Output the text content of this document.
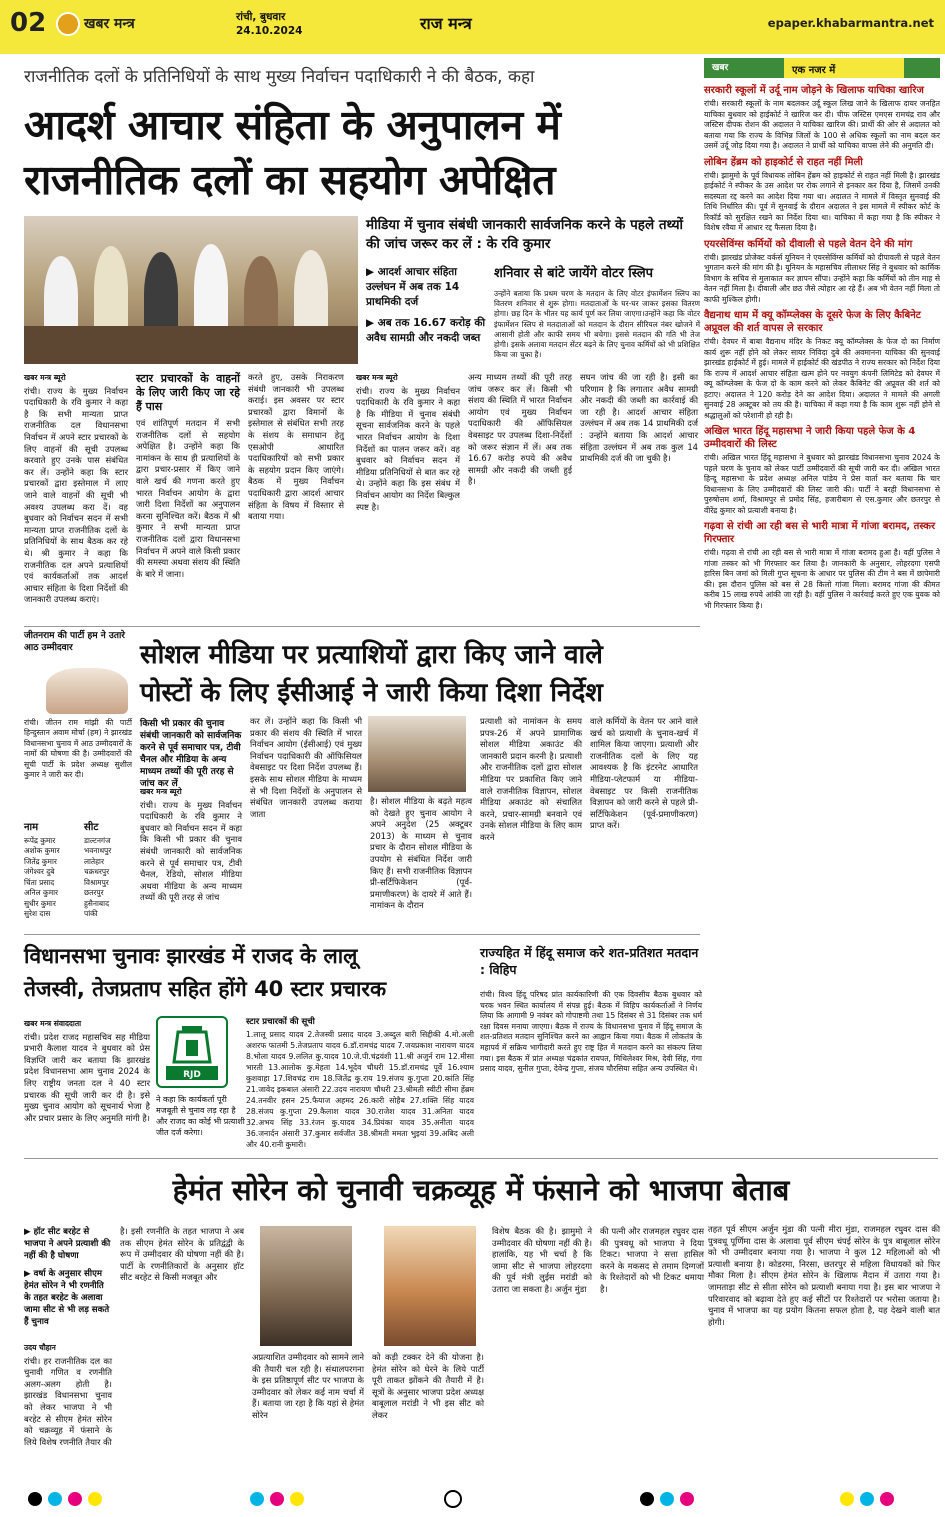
02	खबर मन्त्र	रांची, बुधवार
24.10.2024	राज मन्त्र	epaper.khabarmantra.net
राजनीतिक दलों के प्रतिनिधियों के साथ मुख्य निर्वाचन पदाधिकारी ने की बैठक, कहा
आदर्श आचार संहिता के अनुपालन में
राजनीतिक दलों का सहयोग अपेक्षित
मीडिया में चुनाव संबंधी जानकारी सार्वजनिक करने के पहले तथ्यों की जांच जरूर कर लें : के रवि कुमार
▶ आदर्श आचार संहिता उल्लंघन में अब तक 14 प्राथमिकी दर्ज
▶ अब तक 16.67 करोड़ की अवैध सामग्री और नकदी जब्त
शनिवार से बांटे जायेंगे वोटर स्लिप
उन्होंने बताया कि प्रथम चरण के मतदान के लिए वोटर इंफार्मेशन स्लिप का वितरण शनिवार से शुरू होगा। मतदाताओं के घर-घर जाकर इसका वितरण होगा। छह दिन के भीतर यह कार्य पूर्ण कर लिया जाएगा।उन्होंने कहा कि वोटर इंफार्मेशन स्लिप से मतदाताओं को मतदान के दौरान सीरियल नंबर खोजने में आसानी होती और काफी समय भी बचेगा। इससे मतदान की गति भी तेज होगी। इसके अलावा मतदान सेंटर बढ़ने के लिए चुनाव कर्मियों को भी प्रशिक्षित किया जा चुका है।
खबर मन्त्र ब्यूरो
रांची। राज्य के मुख्य निर्वाचन पदाधिकारी के रवि कुमार ने कहा है कि सभी मान्यता प्राप्त राजनीतिक दल विधानसभा निर्वाचन में अपने स्टार प्रचारकों के लिए वाहनों की सूची उपलब्ध करवाते हुए उनके पास संबंधित कर लें। उन्होंने कहा कि स्टार प्रचारकों द्वारा इस्तेमाल में लाए जाने वाले वाहनों की सूची भी अवश्य उपलब्ध करा दें। वह बुधवार को निर्वाचन सदन में सभी मान्यता प्राप्त राजनीतिक दलों के प्रतिनिधियों के साथ बैठक कर रहे थे। श्री कुमार ने कहा कि राजनीतिक दल अपने प्रत्याशियों एवं कार्यकर्ताओं तक आदर्श आचार संहिता के दिशा निर्देशों की जानकारी उपलब्ध कराएं।
स्टार प्रचारकों के वाहनों के लिए जारी किए जा रहे हैं पास
एवं शांतिपूर्ण मतदान में सभी राजनीतिक दलों से सहयोग अपेक्षित है। उन्होंने कहा कि नामांकन के साथ ही प्रत्याशियों के द्वारा प्रचार-प्रसार में किए जाने वाले खर्च की गणना करते हुए भारत निर्वाचन आयोग के द्वारा जारी दिशा निर्देशों का अनुपालन करना सुनिश्चित करें। बैठक में श्री कुमार ने सभी मान्यता प्राप्त राजनीतिक दलों द्वारा विधानसभा निर्वाचन में अपने वाले किसी प्रकार की समस्या अथवा संशय की स्थिति के बारे में जाना।
करते हुए, उसके निराकरण संबंधी जानकारी भी उपलब्ध कराई। इस अवसर पर स्टार प्रचारकों द्वारा विमानों के इस्तेमाल से संबंधित सभी तरह के संशय के समाधान हेतु एसओपी आधारित पदाधिकारियों को सभी प्रकार के सहयोग प्रदान किए जाएंगे। बैठक में मुख्य निर्वाचन पदाधिकारी द्वारा आदर्श आचार संहिता के विषय में विस्तार से बताया गया।
खबर मन्त्र ब्यूरो
रांची। राज्य के मुख्य निर्वाचन पदाधिकारी के रवि कुमार ने कहा है कि मीडिया में चुनाव संबंधी सूचना सार्वजनिक करने के पहले भारत निर्वाचन आयोग के दिशा निर्देशों का पालन जरूर करें। वह बुधवार को निर्वाचन सदन में मीडिया प्रतिनिधियों से बात कर रहे थे। उन्होंने कहा कि इस संबंध में निर्वाचन आयोग का निर्देश बिल्कुल स्पष्ट है।
अन्य माध्यम तथ्यों की पूरी तरह जांच जरूर कर लें। किसी भी संशय की स्थिति में भारत निर्वाचन आयोग एवं मुख्य निर्वाचन पदाधिकारी की ऑफिसियल वेबसाइट पर उपलब्ध दिशा-निर्देशों को जरूर संज्ञान में लें। अब तक 16.67 करोड़ रुपये की अवैध सामग्री और नकदी की जब्ती हुई है।
सघन जांच की जा रही है। इसी का परिणाम है कि लगातार अवैध सामग्री और नकदी की जब्ती का कार्रवाई की जा रही है। आदर्श आचार संहिता उल्लंघन में अब तक 14 प्राथमिकी दर्ज : उन्होंने बताया कि आदर्श आचार संहिता उल्लंघन में अब तक कुल 14 प्राथमिकी दर्ज की जा चुकी है।
जीतनराम की पार्टी हम ने उतारे आठ उम्मीदवार
रांची। जीतन राम मांझी की पार्टी हिन्दुस्तान अवाम मोर्चा (हम) ने झारखंड विधानसभा चुनाव में आठ उम्मीदवारों के नामों की घोषणा की है। उम्मीदवारों की सूची पार्टी के प्रदेश अध्यक्ष सुशील कुमार ने जारी कर दी।
नाम	सीट
रूपेंद्र कुमार	डाल्टनगंज
अशोक कुमार	भवनाथपुर
जितेंद्र कुमार	लातेहार
जंगेश्वर दुबे	चक्रधरपुर
चिंता प्रसाद	विश्रामपुर
अनिल कुमार	छतरपुर
सुधीर कुमार	हुसैनाबाद
सुरेश दास	पांकी
सोशल मीडिया पर प्रत्याशियों द्वारा किए जाने वाले
पोस्टों के लिए ईसीआई ने जारी किया दिशा निर्देश
किसी भी प्रकार की चुनाव संबंधी जानकारी को सार्वजनिक करने से पूर्व समाचार पत्र, टीवी चैनल और मीडिया के अन्य माध्यम तथ्यों की पूरी तरह से जांच कर लें
खबर मन्त्र ब्यूरो
रांची। राज्य के मुख्य निर्वाचन पदाधिकारी के रवि कुमार ने बुधवार को निर्वाचन सदन में कहा कि किसी भी प्रकार की चुनाव संबंधी जानकारी को सार्वजनिक करने से पूर्व समाचार पत्र, टीवी चैनल, रेडियो, सोशल मीडिया अथवा मीडिया के अन्य माध्यम तथ्यों की पूरी तरह से जांच
कर लें। उन्होंने कहा कि किसी भी प्रकार की संशय की स्थिति में भारत निर्वाचन आयोग (ईसीआई) एवं मुख्य निर्वाचन पदाधिकारी की ऑफिसियल वेबसाइट पर दिशा निर्देश उपलब्ध हैं। इसके साथ सोशल मीडिया के माध्यम से भी दिशा निर्देशों के अनुपालन से संबंधित जानकारी उपलब्ध कराया जाता
है। सोशल मीडिया के बढ़ते महत्व को देखते हुए चुनाव आयोग ने अपने अनुदेश (25 अक्टूबर 2013) के माध्यम से चुनाव प्रचार के दौरान सोशल मीडिया के उपयोग से संबंधित निर्देश जारी किए हैं। सभी राजनीतिक विज्ञापन प्री-सर्टिफिकेशन (पूर्व-प्रमाणीकरण) के दायरे में आते हैं। नामांकन के दौरान
प्रत्याशी को नामांकन के समय प्रपत्र-26 में अपने प्रामाणिक सोशल मीडिया अकाउंट की जानकारी प्रदान करनी है। प्रत्याशी और राजनीतिक दलों द्वारा सोशल मीडिया पर प्रकाशित किए जाने वाले राजनीतिक विज्ञापन, सोशल मीडिया अकाउंट को संचालित करने, प्रचार-सामग्री बनवाने एवं उनके सोशल मीडिया के लिए काम करने
वाले कर्मियों के वेतन पर आने वाले खर्च को प्रत्याशी के चुनाव-खर्च में शामिल किया जाएगा। प्रत्याशी और राजनीतिक दलों के लिए यह आवश्यक है कि इंटरनेट आधारित मीडिया-प्लेटफार्म या मीडिया-वेबसाइट पर किसी राजनीतिक विज्ञापन को जारी करने से पहले प्री-सर्टिफिकेशन (पूर्व-प्रमाणीकरण) प्राप्त करें।
विधानसभा चुनावः झारखंड में राजद के लालू
तेजस्वी, तेजप्रताप सहित होंगे 40 स्टार प्रचारक
खबर मन्त्र संवाददाता
रांची। प्रदेश राजद महासचिव सह मीडिया प्रभारी कैलाश यादव ने बुधवार को प्रेस विज्ञप्ति जारी कर बताया कि झारखंड प्रदेश विधानसभा आम चुनाव 2024 के लिए राष्ट्रीय जनता दल ने 40 स्टार प्रचारक की सूची जारी कर दी है। इसे मुख्य चुनाव आयोग को सूचनार्थ भेजा है और प्रचार प्रसार के लिए अनुमति मांगी है।
RJD
ने कहा कि कार्यकर्ता पूरी मजबूती से चुनाव लड़ रहा है और राजद का कोई भी प्रत्याशी जीत दर्ज करेगा।
स्टार प्रचारकों की सूची
1.लालू प्रसाद यादव 2.तेजस्वी प्रसाद यादव 3.अब्दुल बारी सिद्दीकी 4.मो.अली अशरफ फातमी 5.तेजप्रताप यादव 6.डॉ.रामचंद्र यादव 7.जयप्रकाश नारायण यादव 8.भोला यादव 9.ललित कु.यादव 10.जे.पी.चंद्रवंशी 11.श्री अजुर्न राम 12.मीसा भारती 13.आलोक कु.मेहता 14.भूदेव चौधरी 15.डॉ.रामचंद्र पूर्वे 16.श्याम कुशवाहा 17.शिवचंद्र राम 18.जितेंद्र कु.राय 19.संजय कु.गुप्ता 20.कांति सिंह 21.जावेद इकबाल अंसारी 22.उदय नारायण चौधरी 23.श्रीमती स्वीटी सीमा हेंब्रम 24.तनवीर हसन 25.फैयाज अहमद 26.कारी सोहैब 27.शक्ति सिंह यादव 28.संजय कु.गुप्ता 29.कैलाश यादव 30.राजेश यादव 31.अनिता यादव 32.अभय सिंह 33.रंजन कु.यादव 34.प्रियंका यादव 35.अनीता यादव 36.जनार्दन अंसारी 37.कुमार सर्वजीत 38.श्रीमती ममता भुइयां 39.अबिद अली और 40.रानी कुमारी।
राज्यहित में हिंदू समाज करे शत-प्रतिशत मतदान : विहिप
रांची। विश्व हिंदू परिषद प्रांत कार्यकारिणी की एक दिवसीय बैठक बुधवार को चरक भवन स्थित कार्यालय में संपन्न हुई। बैठक में विहिप कार्यकर्ताओं ने निर्णय लिया कि आगामी 9 नवंबर को गोपाष्टमी तथा 15 दिसंबर से 31 दिसंबर तक धर्म रक्षा दिवस मनाया जाएगा। बैठक में राज्य के विधानसभा चुनाव में हिंदू समाज के शत-प्रतिशत मतदान सुनिश्चित करने का आह्वान किया गया। बैठक में लोकतंत्र के महापर्व में सक्रिय भागीदारी करते हुए राष्ट्र हित में मतदान करने का संकल्प लिया गया। इस बैठक में प्रांत अध्यक्ष चंद्रकांत रायपत, मिथिलेश्वर मिश्र, देवी सिंह, गंगा प्रसाद यादव, सुनील गुप्ता, देवेन्द्र गुप्ता, संजय चौरसिया सहित अन्य उपस्थित थे।
हेमंत सोरेन को चुनावी चक्रव्यूह में फंसाने को भाजपा बेताब
▶ हॉट सीट बरहेट से भाजपा ने अपने प्रत्याशी की नहीं की है घोषणा
▶ वर्षा के अनुसार सीएम हेमंत सोरेन ने भी रणनीति के तहत बरहेट के अलावा जामा सीट से भी लड़ सकते हैं चुनाव
उदय चौहान
रांची। हर राजनीतिक दल का चुनावी गणित व रणनीति अलग-अलग होती है। झारखंड विधानसभा चुनाव को लेकर भाजपा ने भी बरहेट से सीएम हेमंत सोरेन को चक्रव्यूह में फंसाने के लिये विशेष रणनीति तैयार की
है। इसी रणनीति के तहत भाजपा ने अब तक सीएम हेमंत सोरेन के प्रतिद्वंद्वी के रूप में उम्मीदवार की घोषणा नहीं की है। पार्टी के रणनीतिकारों के अनुसार हॉट सीट बरहेट से किसी मजबूत और
अप्रत्याशित उम्मीदवार को सामने लाने की तैयारी चल रही है। संथालपरगना के इस प्रतिष्ठापूर्ण सीट पर भाजपा के उम्मीदवार को लेकर कई नाम चर्चा में हैं। बताया जा रहा है कि यहां से हेमंत सोरेन
को कड़ी टक्कर देने की योजना है। हेमंत सोरेन को घेरने के लिये पार्टी पूरी ताकत झोंकने की तैयारी में है। सूत्रों के अनुसार भाजपा प्रदेश अध्यक्ष बाबूलाल मरांडी ने भी इस सीट को लेकर
विशेष बैठक की है। झामुमो ने उम्मीदवार की घोषणा नहीं की है। हालांकि, यह भी चर्चा है कि जामा सीट से भाजपा लोहरदगा की पूर्व मंत्री लुईस मरांडी को उतारा जा सकता है। अर्जुन मुंडा
की पत्नी और राजमहल रघुवर दास की पुत्रवधू को भाजपा ने दिया टिकट। भाजपा ने सत्ता हासिल करने के मकसद से तमाम दिग्गजों के रिश्तेदारों को भी टिकट थमाया है।
तहत पूर्व सीएम अर्जुन मुंडा की पत्नी मीरा मुंडा, राजमहल रघुवर दास की पुत्रवधू पूर्णिमा दास के अलावा पूर्व सीएम चंपई सोरेन के पुत्र बाबूलाल सोरेन को भी उम्मीदवार बनाया गया है। भाजपा ने कुल 12 महिलाओं को भी प्रत्याशी बनाया है। कोडरमा, निरसा, छतरपुर से महिला विधायकों को फिर मौका मिला है। सीएम हेमंत सोरेन के खिलाफ मैदान में उतारा गया है। जामताड़ा सीट से सीता सोरेन को प्रत्याशी बनाया गया है। इस बार भाजपा ने परिवारवाद को बढ़ावा देते हुए कई सीटों पर रिश्तेदारों पर भरोसा जताया है। चुनाव में भाजपा का यह प्रयोग कितना सफल होता है, यह देखने वाली बात होगी।
खबर	एक नजर में
सरकारी स्कूलों में उर्दू नाम जोड़ने के खिलाफ याचिका खारिज
रांची। सरकारी स्कूलों के नाम बदलकर उर्दू स्कूल लिख जाने के खिलाफ दायर जनहित याचिका बुधवार को हाईकोर्ट ने खारिज कर दी। चीफ जस्टिस एमएस रामचंद्र राव और जस्टिस दीपक रोशन की अदालत ने याचिका खारिज की। प्रार्थी की ओर से अदालत को बताया गया कि राज्य के विभिन्न जिलों के 100 से अधिक स्कूलों का नाम बदल कर उसमें उर्दू जोड़ दिया गया है। अदालत ने प्रार्थी को याचिका वापस लेने की अनुमति दी।
लोबिन हेंब्रम को हाइकोर्ट से राहत नहीं मिली
रांची। झामुमो के पूर्व विधायक लोबिन हेंब्रम को हाइकोर्ट से राहत नहीं मिली है। झारखंड हाईकोर्ट ने स्पीकर के उस आदेश पर रोक लगाने से इनकार कर दिया है, जिसमें उनकी सदस्यता रद्द करने का आदेश दिया गया था। अदालत ने मामले में विस्तृत सुनवाई की तिथि निर्धारित की। पूर्व में सुनवाई के दौरान अदालत ने इस मामले में स्पीकर कोर्ट के रिकॉर्ड को सुरक्षित रखने का निर्देश दिया था। याचिका में कहा गया है कि स्पीकर ने विशेष रवैया में आधार रद्द फैसला दिया है।
एयरसेविंग्स कर्मियों को दीवाली से पहले वेतन देने की मांग
रांची। झारखंड प्रोजेक्ट वर्कर्स यूनियन ने एयरसेविंग्स कर्मियों को दीपावली से पहले वेतन भुगतान करने की मांग की है। यूनियन के महासचिव लीलाधर सिंह ने बुधवार को कार्मिक विभाग के सचिव से मुलाकात कर ज्ञापन सौंपा। उन्होंने कहा कि कर्मियों को तीन माह से वेतन नहीं मिला है। दीवाली और छठ जैसे त्योहार आ रहे हैं। अब भी वेतन नहीं मिला तो काफी मुश्किल होगी।
वैद्यनाथ धाम में क्यू कॉम्प्लेक्स के दूसरे फेज के लिए कैबिनेट अप्रूवल की शर्त वापस ले सरकार
रांची। देवघर में बाबा वैद्यनाथ मंदिर के निकट क्यू कॉम्प्लेक्स के फेज दो का निर्माण कार्य शुरू नहीं होने को लेकर सायर निविदा दुबे की अवमानना याचिका की सुनवाई झारखंड हाईकोर्ट में हुई। मामले में हाईकोर्ट की खंडपीठ ने राज्य सरकार को निर्देश दिया कि राज्य में आदर्श आचार संहिता खत्म होने पर नवयुग कंपनी लिमिटेड को देवघर में क्यू कॉम्प्लेक्स के फेज दो के काम करने को लेकर कैबिनेट की अप्रूवल की शर्त को हटाए। अदालत ने 120 करोड़ देने का आदेश दिया। अदालत ने मामले की अगली सुनवाई 28 अक्टूबर को तय की है। याचिका में कहा गया है कि काम शुरू नहीं होने से श्रद्धालुओं को परेशानी हो रही है।
अखिल भारत हिंदू महासभा ने जारी किया पहले फेज के 4 उम्मीदवारों की लिस्ट
रांची। अखिल भारत हिंदू महासभा ने बुधवार को झारखंड विधानसभा चुनाव 2024 के पहले चरण के चुनाव को लेकर पार्टी उम्मीदवारों की सूची जारी कर दी। अखिल भारत हिन्दू महासभा के प्रदेश अध्यक्ष अनिल पांडेय ने प्रेस वार्ता कर बताया कि चार विधानसभा के लिए उम्मीदवारों की लिस्ट जारी की। पार्टी ने बरही विधानसभा से पुरुषोत्तम शर्मा, विश्रामपुर से प्रमोद सिंह, हजारीबाग से एस.कुमार और छतरपुर से वीरेंद्र कुमार को प्रत्याशी बनाया है।
गढ़वा से रांची आ रही बस से भारी मात्रा में गांजा बरामद, तस्कर गिरफ्तार
रांची। गढ़वा से रांची आ रही बस से भारी मात्रा में गांजा बरामद हुआ है। वहीं पुलिस ने गांजा तस्कर को भी गिरफ्तार कर लिया है। जानकारी के अनुसार, लोहरदगा एसपी हारिस बिन जमां को मिली गुप्त सूचना के आधार पर पुलिस की टीम ने बस में छापेमारी की। इस दौरान पुलिस को बस से 28 किलो गांजा मिला। बरामद गांजा की कीमत करीब 15 लाख रुपये आंकी जा रही है। वहीं पुलिस ने कार्रवाई करते हुए एक युवक को भी गिरफ्तार किया है।
